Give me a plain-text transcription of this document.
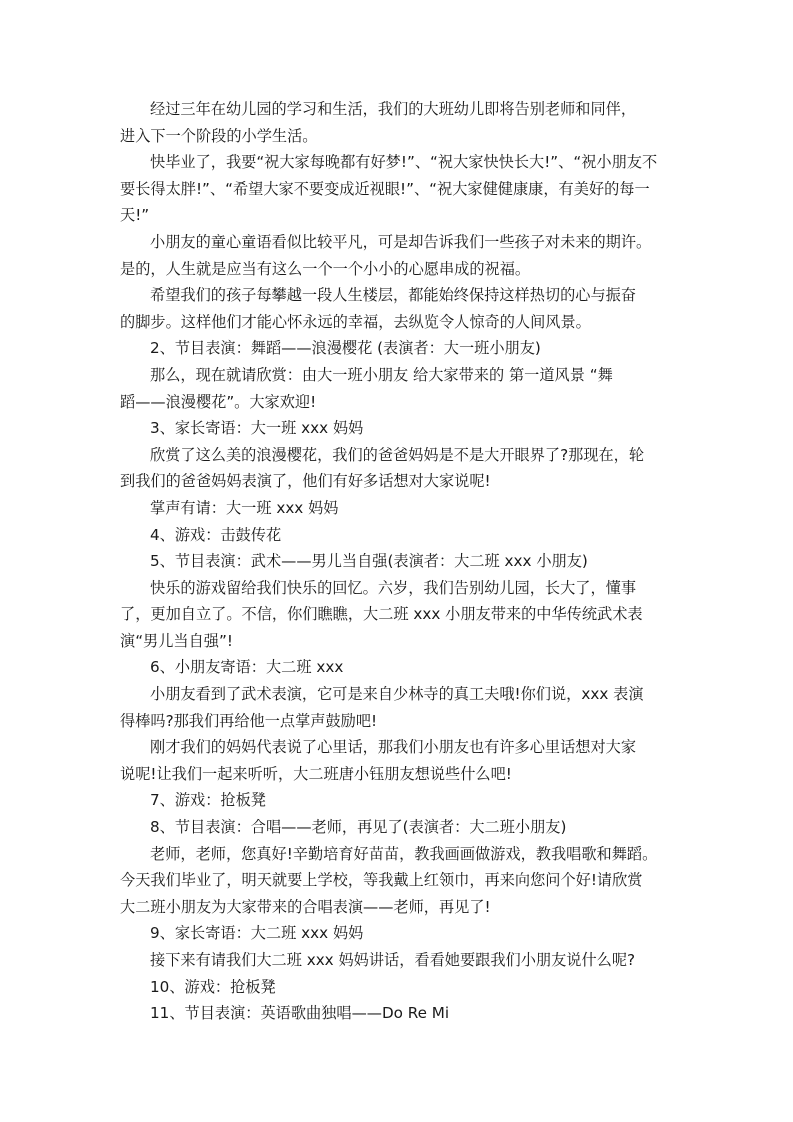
经过三年在幼儿园的学习和生活，我们的大班幼儿即将告别老师和同伴，
进入下一个阶段的小学生活。
快毕业了，我要“祝大家每晚都有好梦!”、“祝大家快快长大!”、“祝小朋友不
要长得太胖!”、“希望大家不要变成近视眼!”、“祝大家健健康康，有美好的每一
天!”
小朋友的童心童语看似比较平凡，可是却告诉我们一些孩子对未来的期许。
是的，人生就是应当有这么一个一个小小的心愿串成的祝福。
希望我们的孩子每攀越一段人生楼层，都能始终保持这样热切的心与振奋
的脚步。这样他们才能心怀永远的幸福，去纵览令人惊奇的人间风景。
2、节目表演：舞蹈——浪漫樱花 (表演者：大一班小朋友)
那么，现在就请欣赏：由大一班小朋友 给大家带来的 第一道风景 “舞
蹈——浪漫樱花”。大家欢迎!
3、家长寄语：大一班 xxx 妈妈
欣赏了这么美的浪漫樱花，我们的爸爸妈妈是不是大开眼界了?那现在，轮
到我们的爸爸妈妈表演了，他们有好多话想对大家说呢!
掌声有请：大一班 xxx 妈妈
4、游戏：击鼓传花
5、节目表演：武术——男儿当自强(表演者：大二班 xxx 小朋友)
快乐的游戏留给我们快乐的回忆。六岁，我们告别幼儿园，长大了，懂事
了，更加自立了。不信，你们瞧瞧，大二班 xxx 小朋友带来的中华传统武术表
演“男儿当自强”!
6、小朋友寄语：大二班 xxx
小朋友看到了武术表演，它可是来自少林寺的真工夫哦!你们说，xxx 表演
得棒吗?那我们再给他一点掌声鼓励吧!
刚才我们的妈妈代表说了心里话，那我们小朋友也有许多心里话想对大家
说呢!让我们一起来听听，大二班唐小钰朋友想说些什么吧!
7、游戏：抢板凳
8、节目表演：合唱——老师，再见了(表演者：大二班小朋友)
老师，老师，您真好!辛勤培育好苗苗，教我画画做游戏，教我唱歌和舞蹈。
今天我们毕业了，明天就要上学校，等我戴上红领巾，再来向您问个好!请欣赏
大二班小朋友为大家带来的合唱表演——老师，再见了!
9、家长寄语：大二班 xxx 妈妈
接下来有请我们大二班 xxx 妈妈讲话，看看她要跟我们小朋友说什么呢?
10、游戏：抢板凳
11、节目表演：英语歌曲独唱——Do Re Mi
